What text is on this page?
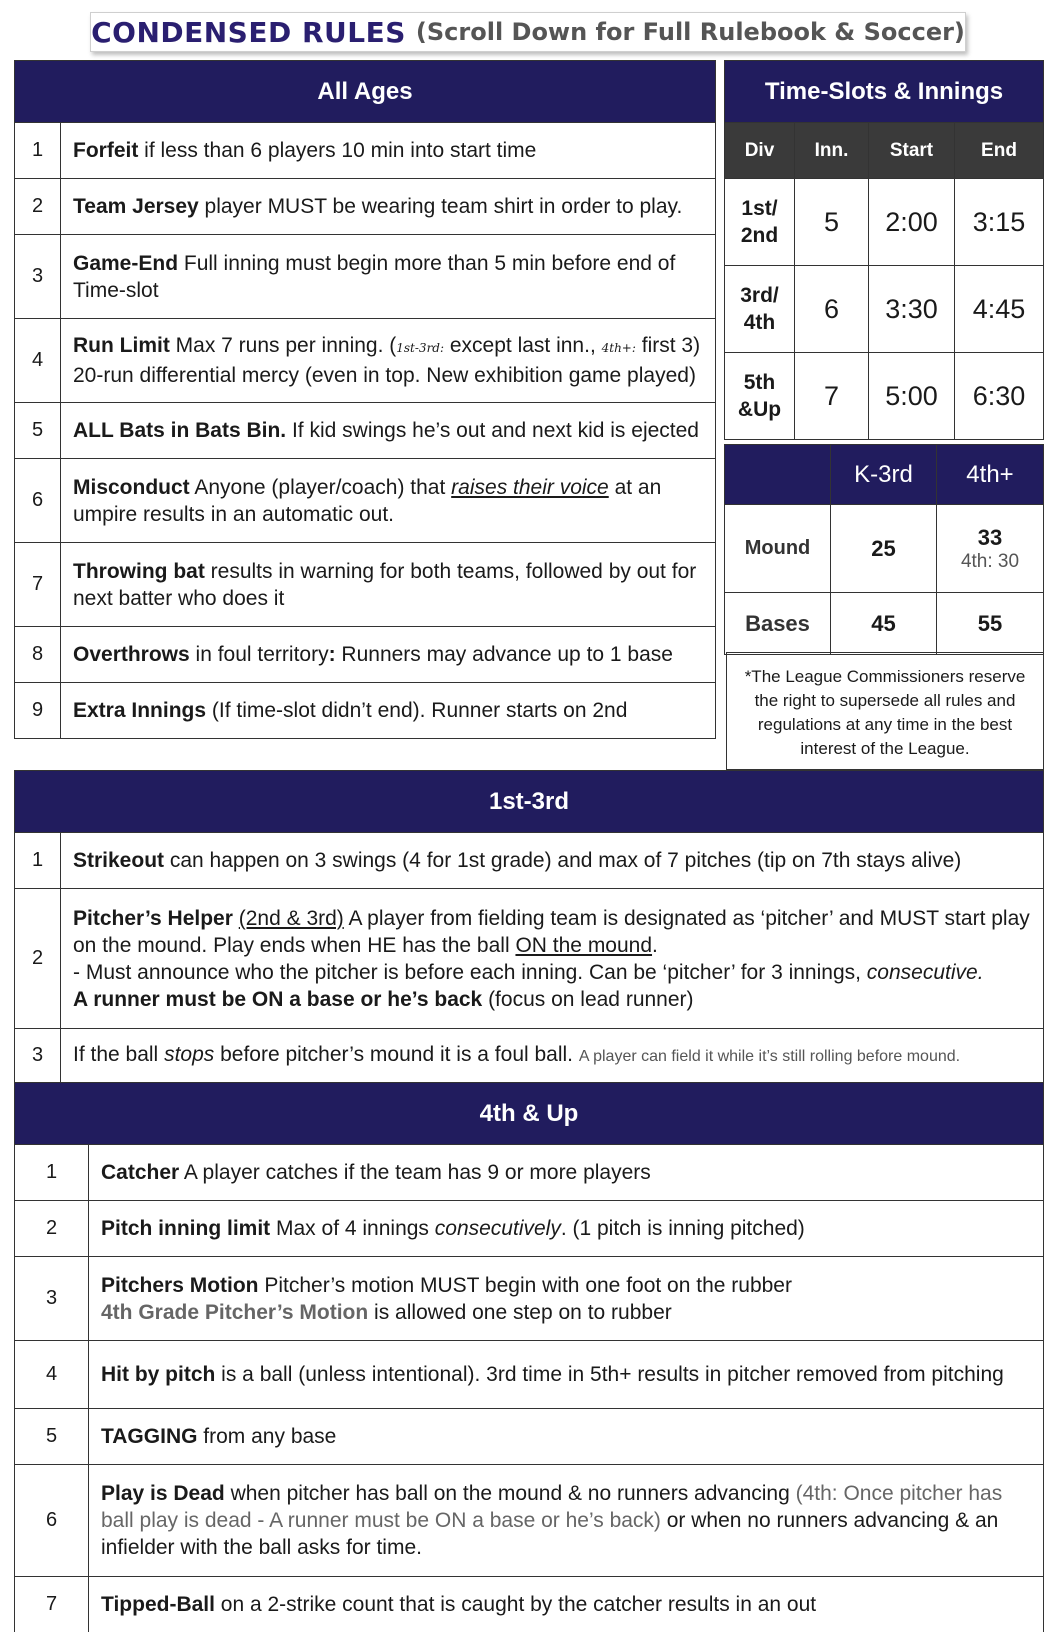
CONDENSED RULES (Scroll Down for Full Rulebook & Soccer)
All Ages	
1	Forfeit if less than 6 players 10 min into start time
2	Team Jersey player MUST be wearing team shirt in order to play.
3	Game-End Full inning must begin more than 5 min before end of Time-slot
4	Run Limit Max 7 runs per inning. (1st-3rd: except last inn., 4th+: first 3)
20-run differential mercy (even in top. New exhibition game played)
5	ALL Bats in Bats Bin. If kid swings he’s out and next kid is ejected
6	Misconduct Anyone (player/coach) that raises their voice at an umpire results in an automatic out.
7	Throwing bat results in warning for both teams, followed by out for next batter who does it
8	Overthrows in foul territory: Runners may advance up to 1 base
9	Extra Innings (If time-slot didn’t end). Runner starts on 2nd
Time-Slots & Innings			
Div	Inn.	Start	End
1st/ 2nd	5	2:00	3:15
3rd/ 4th	6	3:30	4:45
5th &Up	7	5:00	6:30
	K-3rd	4th+
Mound	25	33
4th: 30

Bases	45	55
*The League Commissioners reserve the right to supersede all rules and regulations at any time in the best interest of the League.
1st-3rd	
1	Strikeout can happen on 3 swings (4 for 1st grade) and max of 7 pitches (tip on 7th stays alive)
2	Pitcher’s Helper (2nd & 3rd) A player from fielding team is designated as ‘pitcher’ and MUST start play on the mound. Play ends when HE has the ball ON the mound.
- Must announce who the pitcher is before each inning. Can be ‘pitcher’ for 3 innings, consecutive.
A runner must be ON a base or he’s back (focus on lead runner)
3	If the ball stops before pitcher’s mound it is a foul ball. A player can field it while it’s still rolling before mound.
4th & Up	
1	Catcher A player catches if the team has 9 or more players
2	Pitch inning limit Max of 4 innings consecutively. (1 pitch is inning pitched)
3	Pitchers Motion Pitcher’s motion MUST begin with one foot on the rubber
4th Grade Pitcher’s Motion is allowed one step on to rubber
4	Hit by pitch is a ball (unless intentional). 3rd time in 5th+ results in pitcher removed from pitching
5	TAGGING from any base
6	Play is Dead when pitcher has ball on the mound & no runners advancing (4th: Once pitcher has ball play is dead - A runner must be ON a base or he’s back) or when no runners advancing & an infielder with the ball asks for time.
7	Tipped-Ball on a 2-strike count that is caught by the catcher results in an out
